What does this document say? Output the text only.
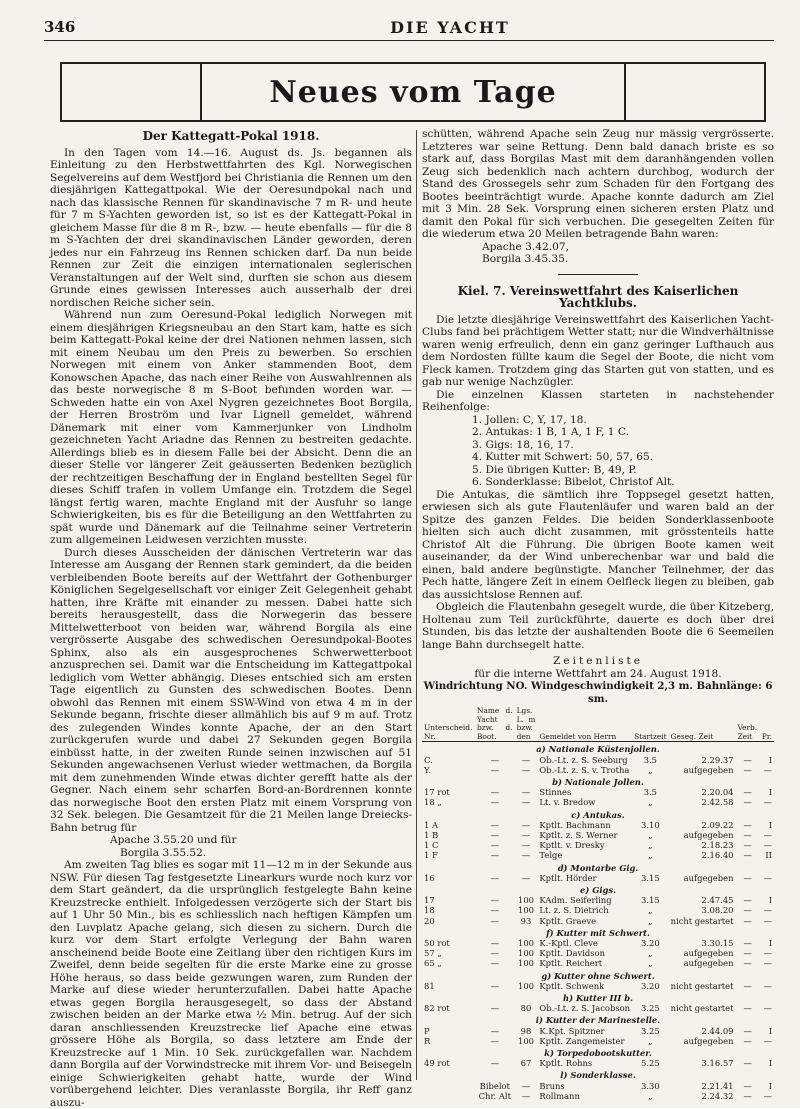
346	DIE YACHT
Neues vom Tage
Der Kattegatt-Pokal 1918.

In den Tagen vom 14.—16. August ds. Js. begannen als Einleitung zu den Herbstwettfahrten des Kgl. Norwegischen Segelvereins auf dem Westfjord bei Christiania die Rennen um den diesjährigen Kattegattpokal. Wie der Oeresundpokal nach und nach das klassische Rennen für skandinavische 7 m R- und heute für 7 m S-Yachten geworden ist, so ist es der Kattegatt-Pokal in gleichem Masse für die 8 m R-, bzw. — heute ebenfalls — für die 8 m S-Yachten der drei skandinavischen Länder geworden, deren jedes nur ein Fahrzeug ins Rennen schicken darf. Da nun beide Rennen zur Zeit die einzigen internationalen seglerischen Veranstaltungen auf der Welt sind, durften sie schon aus diesem Grunde eines gewissen Interesses auch ausserhalb der drei nordischen Reiche sicher sein.

Während nun zum Oeresund-Pokal lediglich Norwegen mit einem diesjährigen Kriegsneubau an den Start kam, hatte es sich beim Kattegatt-Pokal keine der drei Nationen nehmen lassen, sich mit einem Neubau um den Preis zu bewerben. So erschien Norwegen mit einem von Anker stammenden Boot, dem Konowschen Apache, das nach einer Reihe von Auswahlrennen als das beste norwegische 8 m S-Boot befunden worden war. — Schweden hatte ein von Axel Nygren gezeichnetes Boot Borgila, der Herren Broström und Ivar Lignell gemeldet, während Dänemark mit einer vom Kammerjunker von Lindholm gezeichneten Yacht Ariadne das Rennen zu bestreiten gedachte. Allerdings blieb es in diesem Falle bei der Absicht. Denn die an dieser Stelle vor längerer Zeit geäusserten Bedenken bezüglich der rechtzeitigen Beschaffung der in England bestellten Segel für dieses Schiff trafen in vollem Umfange ein. Trotzdem die Segel längst fertig waren, machte England mit der Ausfuhr so lange Schwierigkeiten, bis es für die Beteiligung an den Wettfahrten zu spät wurde und Dänemark auf die Teilnahme seiner Vertreterin zum allgemeinen Leidwesen verzichten musste.

Durch dieses Ausscheiden der dänischen Vertreterin war das Interesse am Ausgang der Rennen stark gemindert, da die beiden verbleibenden Boote bereits auf der Wettfahrt der Gothenburger Königlichen Segelgesellschaft vor einiger Zeit Gelegenheit gehabt hatten, ihre Kräfte mit einander zu messen. Dabei hatte sich bereits herausgestellt, dass die Norwegerin das bessere Mittelwetterboot von beiden war, während Borgila als eine vergrösserte Ausgabe des schwedischen Oeresundpokal-Bootes Sphinx, also als ein ausgesprochenes Schwerwetterboot anzusprechen sei. Damit war die Entscheidung im Kattegattpokal lediglich vom Wetter abhängig. Dieses entschied sich am ersten Tage eigentlich zu Gunsten des schwedischen Bootes. Denn obwohl das Rennen mit einem SSW-Wind von etwa 4 m in der Sekunde begann, frischte dieser allmählich bis auf 9 m auf. Trotz des zulegenden Windes konnte Apache, der an den Start zurückgerufen wurde und dabei 27 Sekunden gegen Borgila einbüsst hatte, in der zweiten Runde seinen inzwischen auf 51 Sekunden angewachsenen Verlust wieder wettmachen, da Borgila mit dem zunehmenden Winde etwas dichter gerefft hatte als der Gegner. Nach einem sehr scharfen Bord-an-Bordrennen konnte das norwegische Boot den ersten Platz mit einem Vorsprung von 32 Sek. belegen. Die Gesamtzeit für die 21 Meilen lange Dreiecks-Bahn betrug für

Apache 3.55.20 und für

Borgila 3.55.52.

Am zweiten Tag blies es sogar mit 11—12 m in der Sekunde aus NSW. Für diesen Tag festgesetzte Linearkurs wurde noch kurz vor dem Start geändert, da die ursprünglich festgelegte Bahn keine Kreuzstrecke enthielt. Infolgedessen verzögerte sich der Start bis auf 1 Uhr 50 Min., bis es schliesslich nach heftigen Kämpfen um den Luvplatz Apache gelang, sich diesen zu sichern. Durch die kurz vor dem Start erfolgte Verlegung der Bahn waren anscheinend beide Boote eine Zeitlang über den richtigen Kurs im Zweifel, denn beide segelten für die erste Marke eine zu grosse Höhe heraus, so dass beide gezwungen waren, zum Runden der Marke auf diese wieder herunterzufallen. Dabei hatte Apache etwas gegen Borgila herausgesegelt, so dass der Abstand zwischen beiden an der Marke etwa ½ Min. betrug. Auf der sich daran anschliessenden Kreuzstrecke lief Apache eine etwas grössere Höhe als Borgila, so dass letztere am Ende der Kreuzstrecke auf 1 Min. 10 Sek. zurückgefallen war. Nachdem dann Borgila auf der Vorwindstrecke mit ihrem Vor- und Beisegeln einige Schwierigkeiten gehabt hatte, wurde der Wind vorübergehend leichter. Dies veranlasste Borgila, ihr Reff ganz auszu-

schütten, während Apache sein Zeug nur mässig vergrösserte. Letzteres war seine Rettung. Denn bald danach briste es so stark auf, dass Borgilas Mast mit dem daranhängenden vollen Zeug sich bedenklich nach achtern durchbog, wodurch der Stand des Grossegels sehr zum Schaden für den Fortgang des Bootes beeinträchtigt wurde. Apache konnte dadurch am Ziel mit 3 Min. 28 Sek. Vorsprung einen sicheren ersten Platz und damit den Pokal für sich verbuchen. Die gesegelten Zeiten für die wiederum etwa 20 Meilen betragende Bahn waren:

Apache 3.42.07,

Borgila 3.45.35.

Kiel. 7. Vereinswettfahrt des Kaiserlichen Yachtklubs.

Die letzte diesjährige Vereinswettfahrt des Kaiserlichen Yacht-Clubs fand bei prächtigem Wetter statt; nur die Windverhältnisse waren wenig erfreulich, denn ein ganz geringer Lufthauch aus dem Nordosten füllte kaum die Segel der Boote, die nicht vom Fleck kamen. Trotzdem ging das Starten gut von statten, und es gab nur wenige Nachzügler.

Die einzelnen Klassen starteten in nachstehender Reihenfolge:

1. Jollen: C, Y, 17, 18.
2. Antukas: 1 B, 1 A, 1 F, 1 C.
3. Gigs: 18, 16, 17.
4. Kutter mit Schwert: 50, 57, 65.
5. Die übrigen Kutter: B, 49, P.
6. Sonderklasse: Bibelot, Christof Alt.

Die Antukas, die sämtlich ihre Toppsegel gesetzt hatten, erwiesen sich als gute Flautenläufer und waren bald an der Spitze des ganzen Feldes. Die beiden Sonderklassenboote hielten sich auch dicht zusammen, mit grösstenteils hatte Christof Alt die Führung. Die übrigen Boote kamen weit auseinander, da der Wind unberechenbar war und bald die einen, bald andere begünstigte. Mancher Teilnehmer, der das Pech hatte, längere Zeit in einem Oelfleck liegen zu bleiben, gab das aussichtslose Rennen auf.

Obgleich die Flautenbahn gesegelt wurde, die über Kitzeberg, Holtenau zum Teil zurückführte, dauerte es doch über drei Stunden, bis das letzte der aushaltenden Boote die 6 Seemeilen lange Bahn durchsegelt hatte.

Zeitenliste
für die interne Wettfahrt am 24. August 1918.
Windrichtung NO. Windgeschwindigkeit 2,3 m. Bahnlänge: 6 sm.
Unterscheid. Nr.	Name d. Yacht bzw. d. Boot.	Lgs. L. m bzw. den	Gemeldet von Herrn	Startzeit	Geseg. Zeit	Verb. Zeit	Pr.
a) Nationale Küstenjollen.							
C.	—	—	Ob.-Lt. z. S. Seeburg	3.5	2.29.37	—	I
Y.	—	—	Ob.-Lt. z. S. v. Trotha	„	aufgegeben	—	—
b) Nationale Jollen.							
17 rot	—	—	Stinnes	3.5	2.20.04	—	I
18 „	—	—	Lt. v. Bredow	„	2.42.58	—	—
c) Antukas.							
1 A	—	—	Kptlt. Bachmann	3.10	2.09.22	—	I
1 B	—	—	Kptlt. z. S. Werner	„	aufgegeben	—	—
1 C	—	—	Kptlt. v. Dresky	„	2.18.23	—	—
1 F	—	—	Telge	„	2.16.40	—	II
d) Montarbe Gig.							
16	—	—	Kptlt. Hörder	3.15	aufgegeben	—	—
e) Gigs.							
17	—	100	KAdm. Seiferling	3.15	2.47.45	—	I
18	—	100	Lt. z. S. Dietrich	„	3.08.20	—	—
20	—	93	Kptlt. Graeve	„	nicht gestartet	—	—
f) Kutter mit Schwert.							
50 rot	—	100	K.-Kptl. Cleve	3.20	3.30.15	—	I
57 „	—	100	Kptlt. Davidson	„	aufgegeben	—	—
65 „	—	100	Kptlt. Reichert	„	aufgegeben	—	—
g) Kutter ohne Schwert.							
81	—	100	Kptlt. Schwenk	3.20	nicht gestartet	—	—
h) Kutter III b.							
82 rot	—	80	Ob.-Lt. z. S. Jacobson	3.25	nicht gestartet	—	—
i) Kutter der Marinestelle.							
P	—	98	K.Kpt. Spitzner	3.25	2.44.09	—	I
R	—	100	Kptlt. Zangemeister	„	aufgegeben	—	—
k) Torpedobootskutter.							
49 rot	—	67	Kptlt. Rohns	5.25	3.16.57	—	I
l) Sonderklasse.							
	Bibelot	—	Bruns	3.30	2.21.41	—	I
	Chr. Alt	—	Rollmann	„	2.24.32	—	—
